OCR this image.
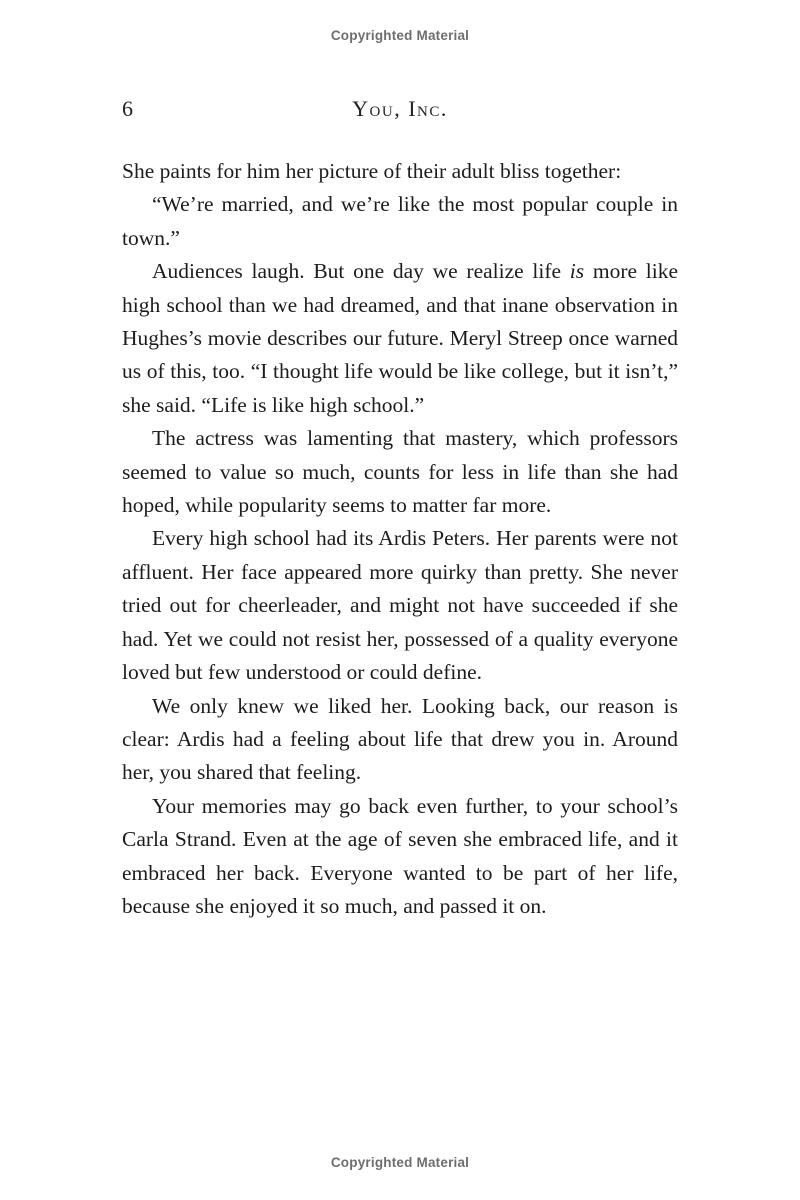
Copyrighted Material
6	You, Inc.

She paints for him her picture of their adult bliss together:

“We’re married, and we’re like the most popular couple in town.”

Audiences laugh. But one day we realize life is more like high school than we had dreamed, and that inane observation in Hughes’s movie describes our future. Meryl Streep once warned us of this, too. “I thought life would be like college, but it isn’t,” she said. “Life is like high school.”

The actress was lamenting that mastery, which professors seemed to value so much, counts for less in life than she had hoped, while popularity seems to matter far more.

Every high school had its Ardis Peters. Her parents were not affluent. Her face appeared more quirky than pretty. She never tried out for cheerleader, and might not have succeeded if she had. Yet we could not resist her, possessed of a quality everyone loved but few understood or could define.

We only knew we liked her. Looking back, our reason is clear: Ardis had a feeling about life that drew you in. Around her, you shared that feeling.

Your memories may go back even further, to your school’s Carla Strand. Even at the age of seven she embraced life, and it embraced her back. Everyone wanted to be part of her life, because she enjoyed it so much, and passed it on.

Copyrighted Material
